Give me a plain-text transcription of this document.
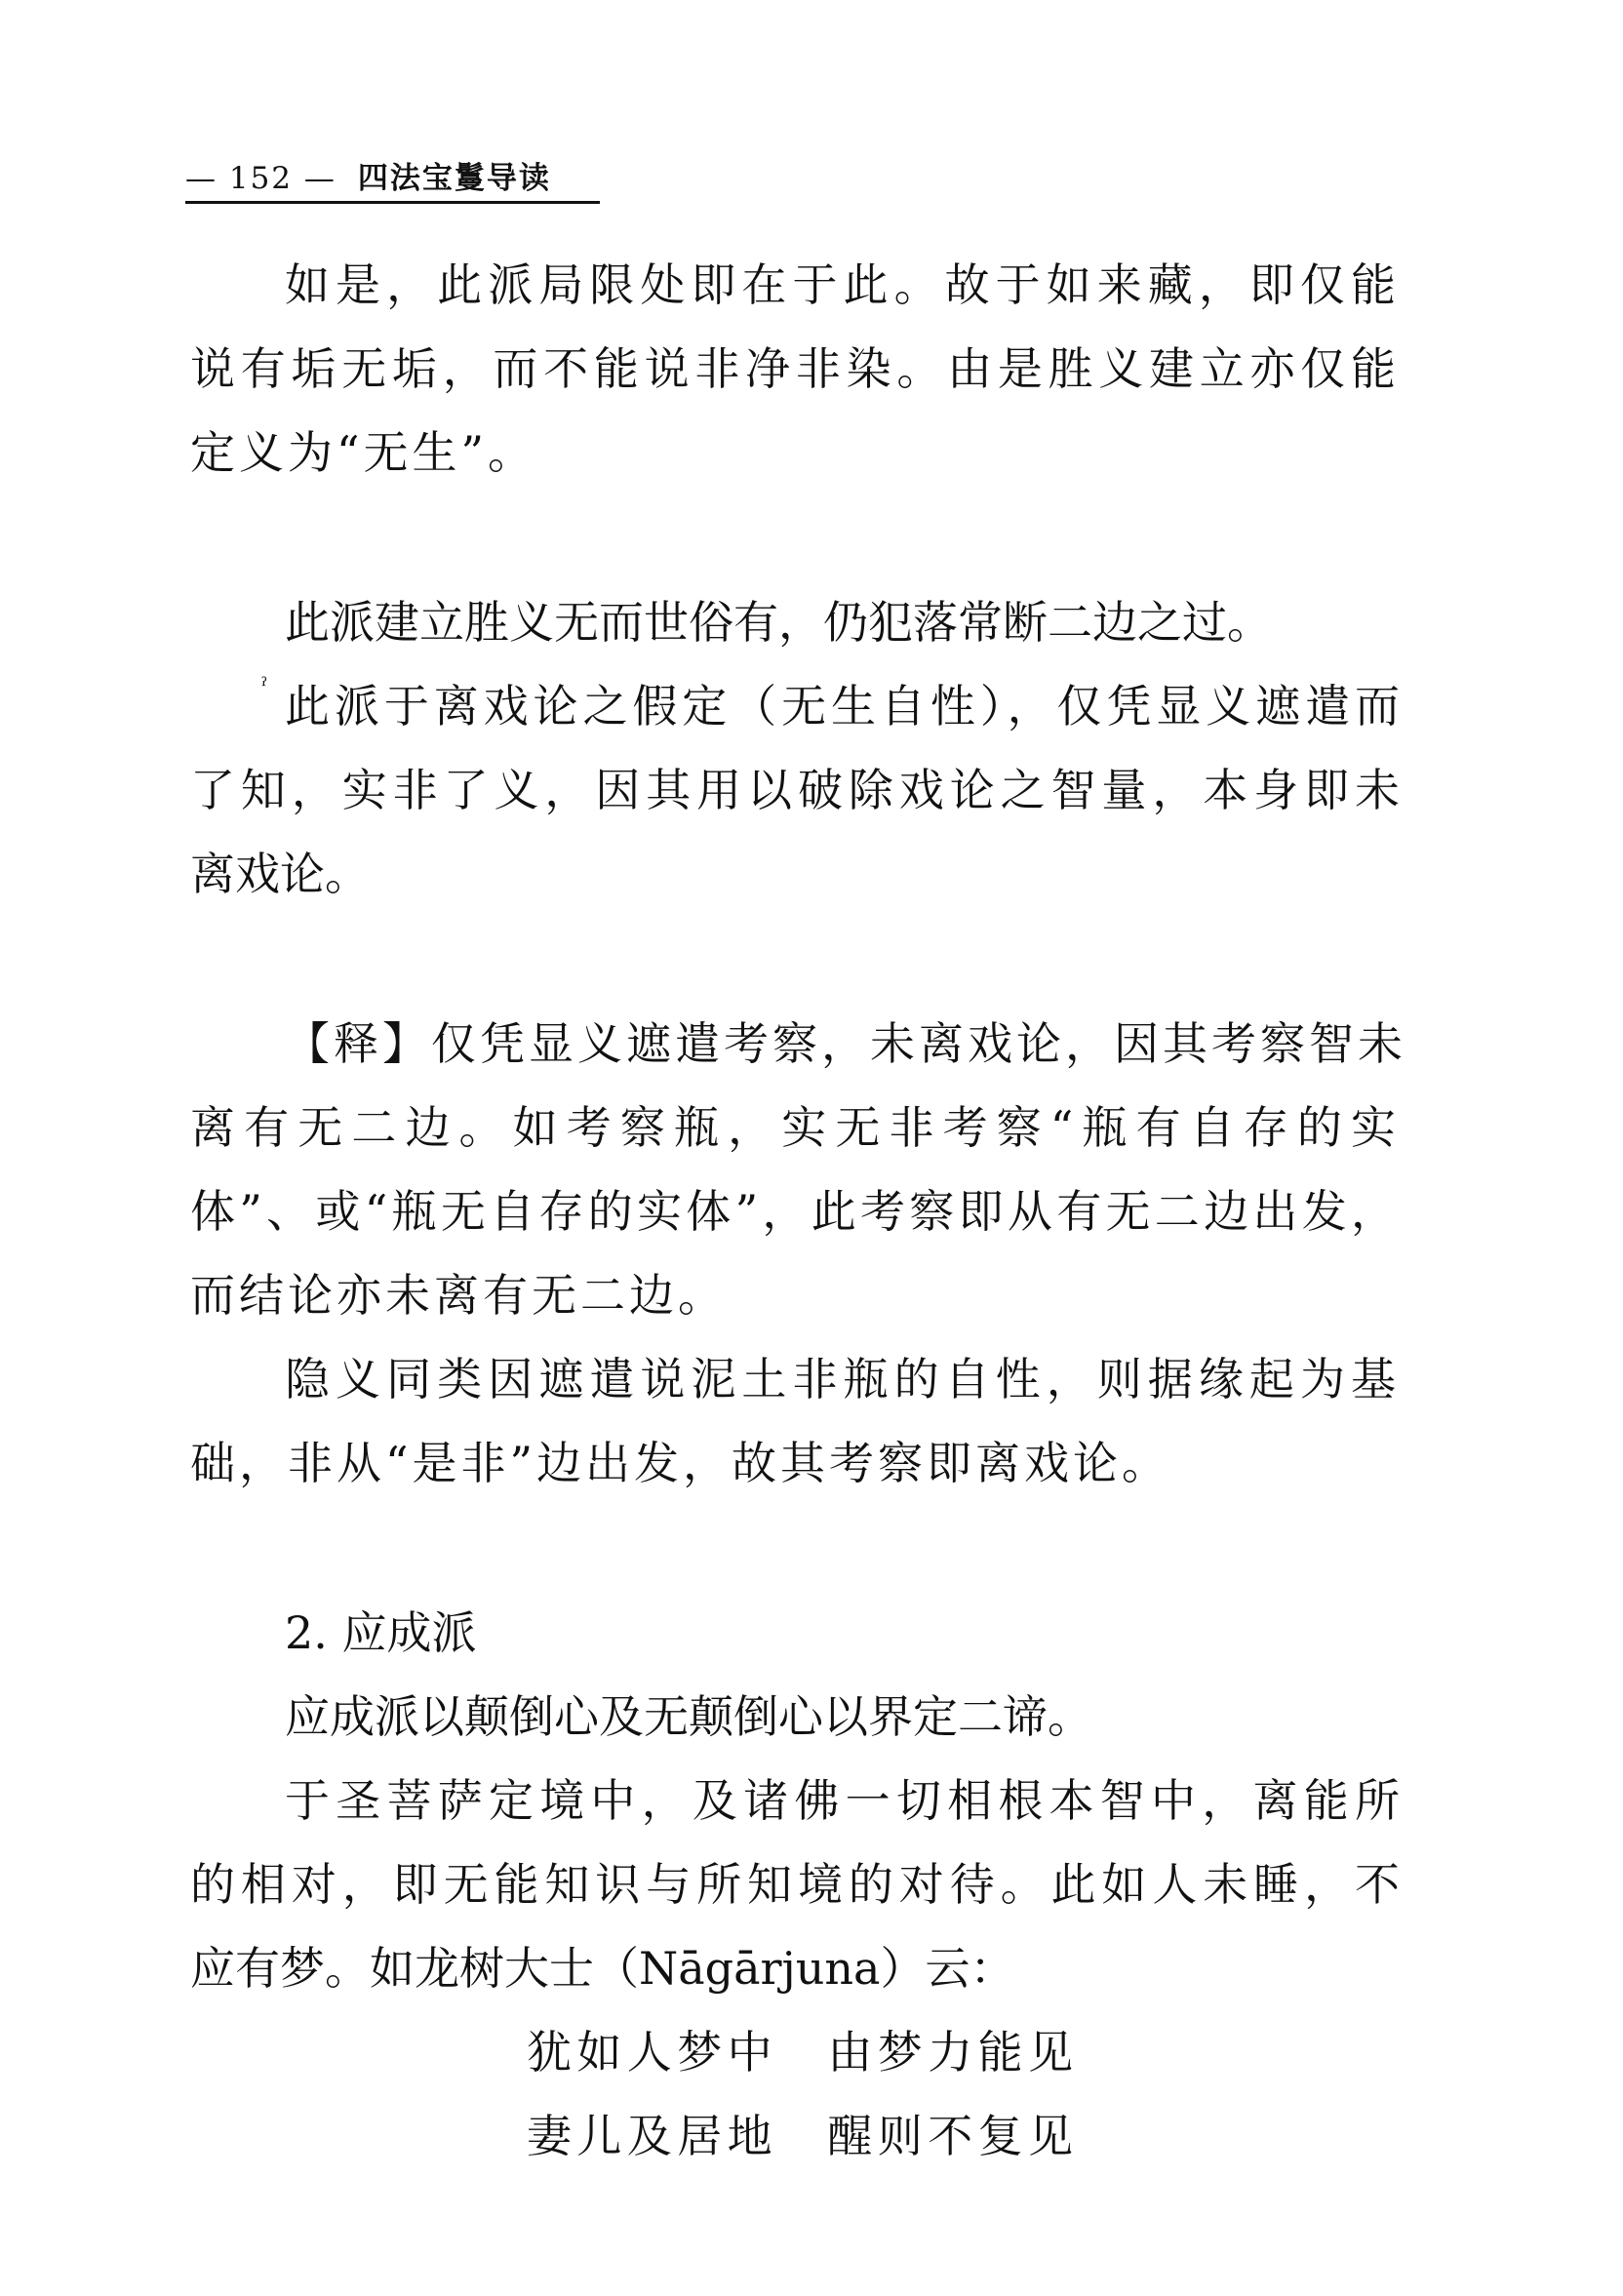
— 152 — 四法宝鬘导读
ˀ
如是，此派局限处即在于此。故于如来藏，即仅能
说有垢无垢，而不能说非净非染。由是胜义建立亦仅能
定义为“无生”。
此派建立胜义无而世俗有，仍犯落常断二边之过。
此派于离戏论之假定（无生自性），仅凭显义遮遣而
了知，实非了义，因其用以破除戏论之智量，本身即未
离戏论。
【释】仅凭显义遮遣考察，未离戏论，因其考察智未
离有无二边。如考察瓶，实无非考察“瓶有自存的实
体”、或“瓶无自存的实体”，此考察即从有无二边出发，
而结论亦未离有无二边。
隐义同类因遮遣说泥土非瓶的自性，则据缘起为基
础，非从“是非”边出发，故其考察即离戏论。
2. 应成派
应成派以颠倒心及无颠倒心以界定二谛。
于圣菩萨定境中，及诸佛一切相根本智中，离能所
的相对，即无能知识与所知境的对待。此如人未睡，不
应有梦。如龙树大士（Nāgārjuna）云：
犹如人梦中　由梦力能见
妻儿及居地　醒则不复见
